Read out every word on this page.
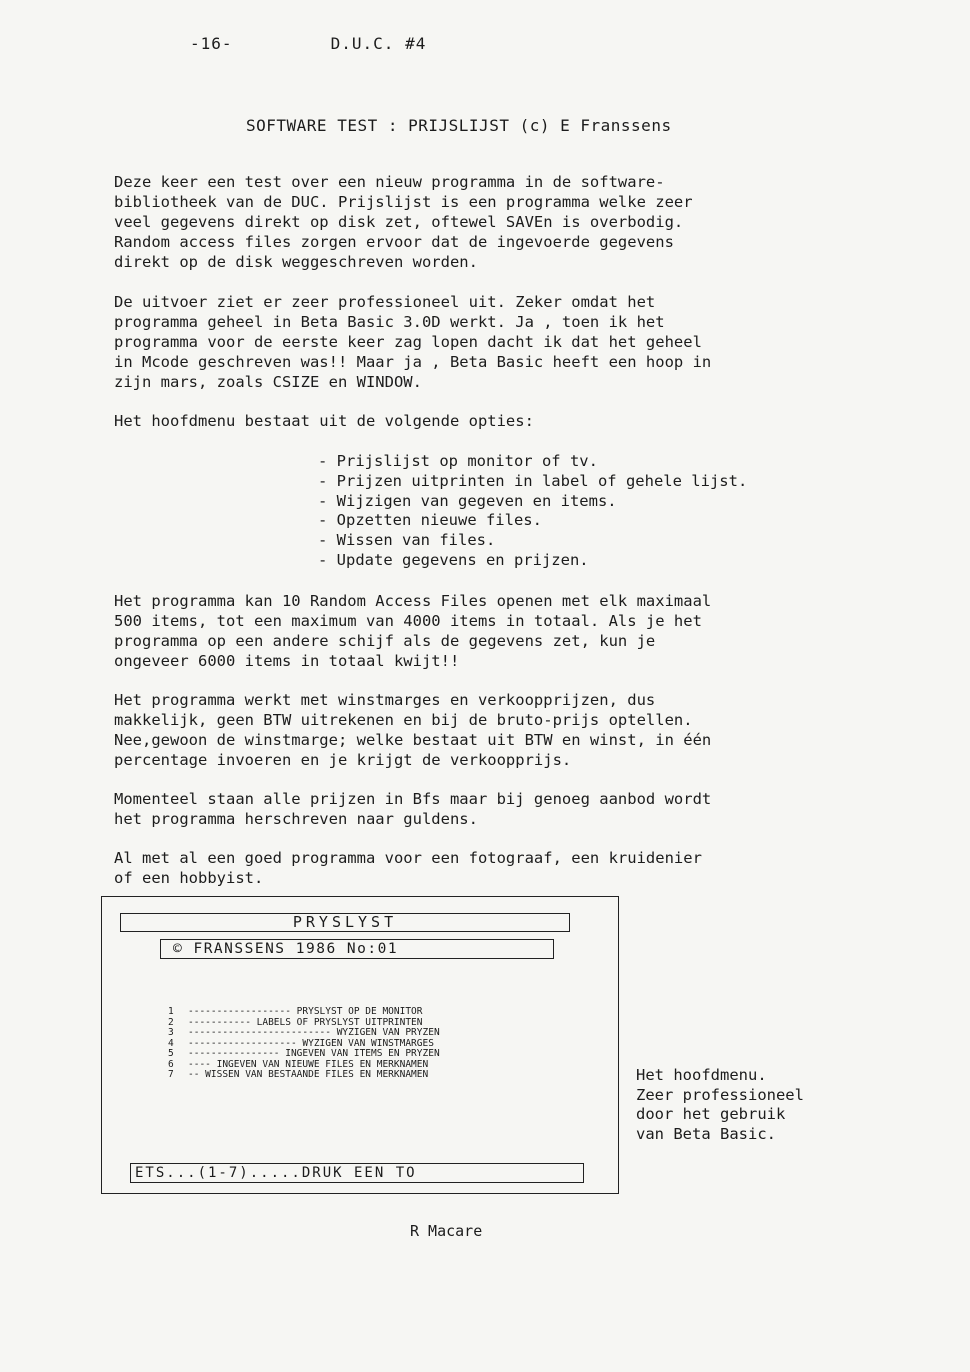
-16-	D.U.C. #4
SOFTWARE TEST : PRIJSLIJST (c) E Franssens
Deze keer een test over een nieuw programma in de software-
bibliotheek van de DUC. Prijslijst is een programma welke zeer
veel gegevens direkt op disk zet, oftewel SAVEn is overbodig.
Random access files zorgen ervoor dat de ingevoerde gegevens
direkt op de disk weggeschreven worden.
De uitvoer ziet er zeer professioneel uit. Zeker omdat het
programma geheel in Beta Basic 3.0D werkt. Ja , toen ik het
programma voor de eerste keer zag lopen dacht ik dat het geheel
in Mcode geschreven was!! Maar ja , Beta Basic heeft een hoop in
zijn mars, zoals CSIZE en WINDOW.
Het hoofdmenu bestaat uit de volgende opties:
- Prijslijst op monitor of tv.
- Prijzen uitprinten in label of gehele lijst.
- Wijzigen van gegeven en items.
- Opzetten nieuwe files.
- Wissen van files.
- Update gegevens en prijzen.
Het programma kan 10 Random Access Files openen met elk maximaal
500 items, tot een maximum van 4000 items in totaal. Als je het
programma op een andere schijf als de gegevens zet, kun je
ongeveer 6000 items in totaal kwijt!!
Het programma werkt met winstmarges en verkoopprijzen, dus
makkelijk, geen BTW uitrekenen en bij de bruto-prijs optellen.
Nee,gewoon de winstmarge; welke bestaat uit BTW en winst, in één
percentage invoeren en je krijgt de verkoopprijs.
Momenteel staan alle prijzen in Bfs maar bij genoeg aanbod wordt
het programma herschreven naar guldens.
Al met al een goed programma voor een fotograaf, een kruidenier
of een hobbyist.
PRYSLYST
© FRANSSENS 1986 No:01
1 ------------------ PRYSLYST OP DE MONITOR
2 ----------- LABELS OF PRYSLYST UITPRINTEN
3 ------------------------- WYZIGEN VAN PRYZEN
4 ------------------- WYZIGEN VAN WINSTMARGES
5 ---------------- INGEVEN VAN ITEMS EN PRYZEN
6 ---- INGEVEN VAN NIEUWE FILES EN MERKNAMEN
7 -- WISSEN VAN BESTAANDE FILES EN MERKNAMEN
ETS...(1-7).....DRUK EEN TO
Het hoofdmenu.
Zeer professioneel
door het gebruik
van Beta Basic.
R Macare
